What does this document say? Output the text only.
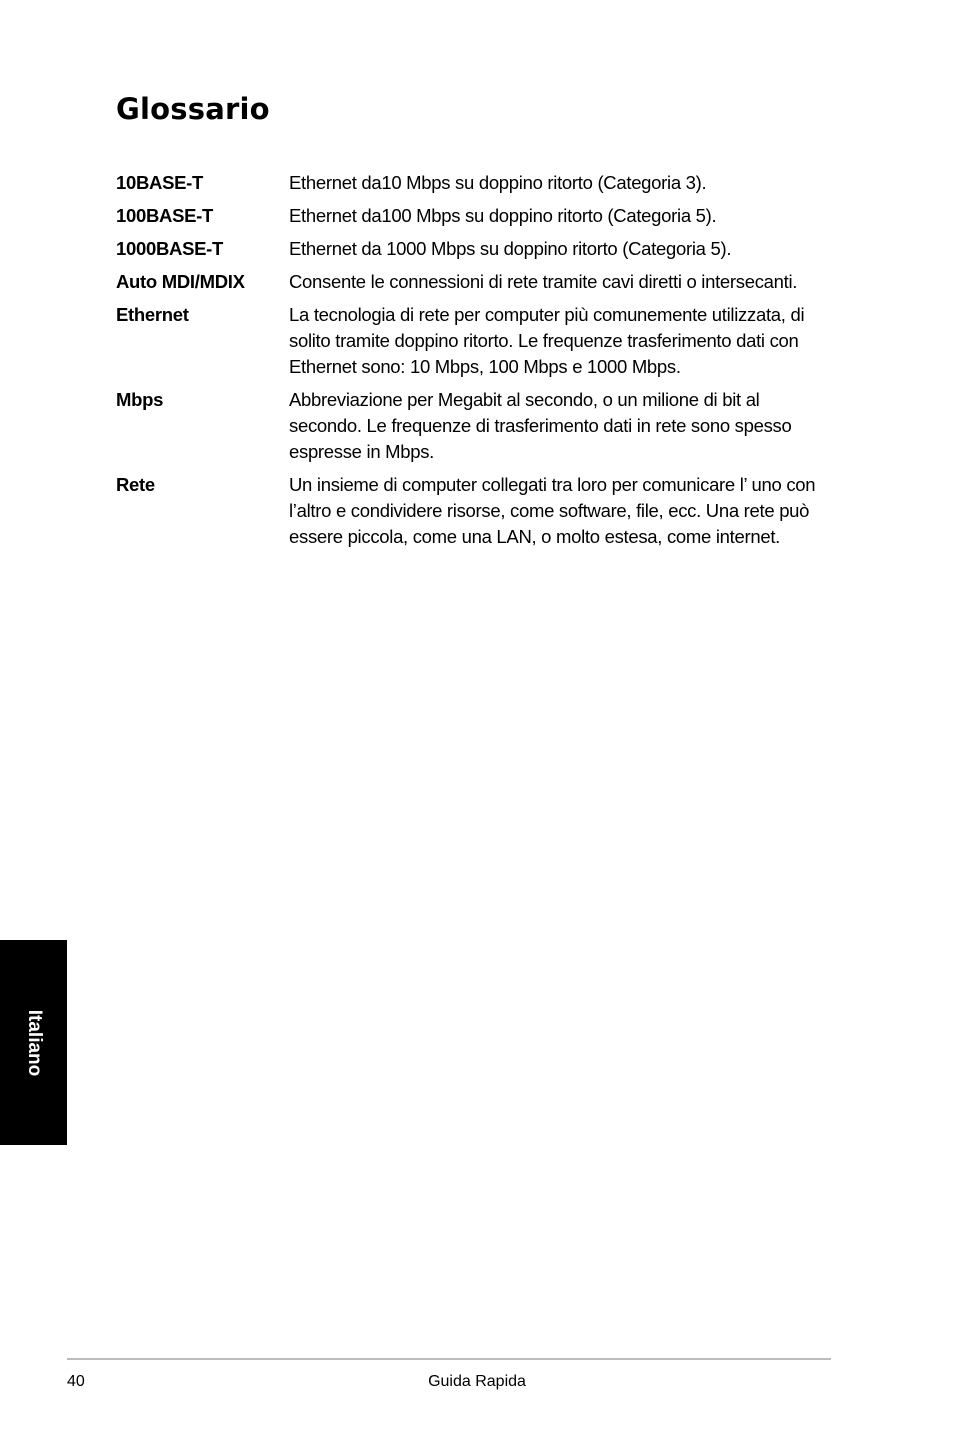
Glossario
10BASE-T	Ethernet da10 Mbps su doppino ritorto (Categoria 3).
100BASE-T	Ethernet da100 Mbps su doppino ritorto (Categoria 5).
1000BASE-T	Ethernet da 1000 Mbps su doppino ritorto (Categoria 5).
Auto MDI/MDIX	Consente le connessioni di rete tramite cavi diretti o intersecanti.
Ethernet	La tecnologia di rete per computer più comunemente utilizzata, di solito tramite doppino ritorto. Le frequenze trasferimento dati con Ethernet sono: 10 Mbps, 100 Mbps e 1000 Mbps.
Mbps	Abbreviazione per Megabit al secondo, o un milione di bit al secondo. Le frequenze di trasferimento dati in rete sono spesso espresse in Mbps.
Rete	Un insieme di computer collegati tra loro per comunicare l’ uno con l’altro e condividere risorse, come software, file, ecc. Una rete può essere piccola, come una LAN, o molto estesa, come internet.
Italiano
40	Guida Rapida
